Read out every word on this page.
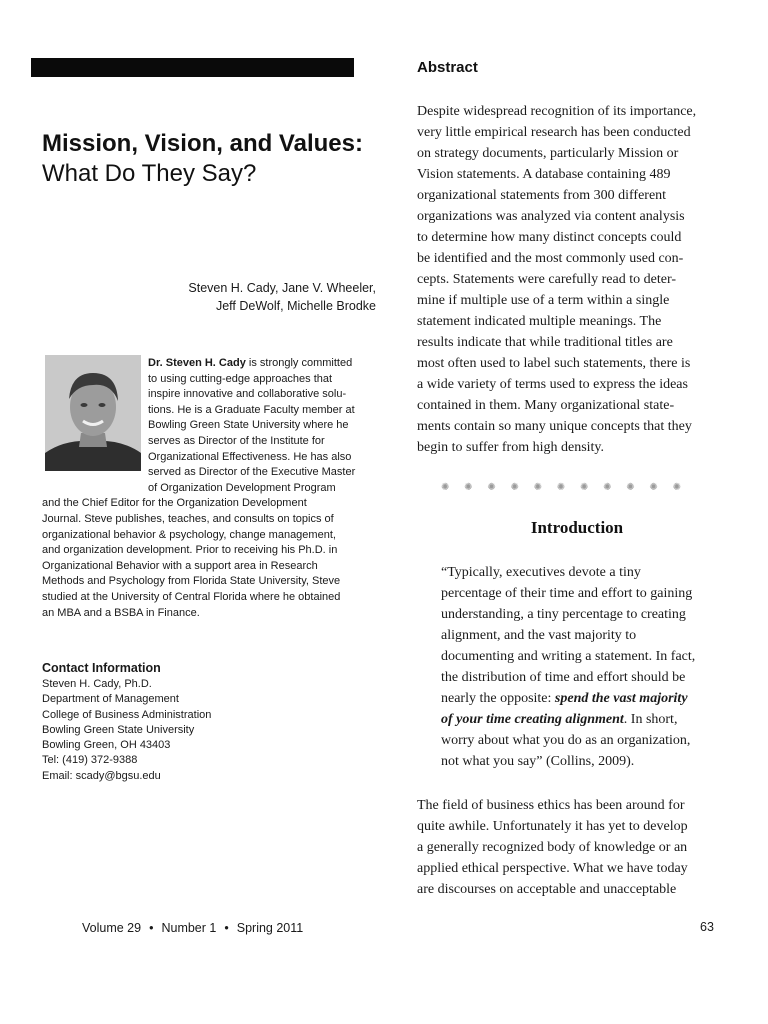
Mission, Vision, and Values:
What Do They Say?
Steven H. Cady, Jane V. Wheeler,
Jeff DeWolf, Michelle Brodke
Dr. Steven H. Cady is strongly committed
to using cutting-edge approaches that
inspire innovative and collaborative solu-
tions. He is a Graduate Faculty member at
Bowling Green State University where he
serves as Director of the Institute for
Organizational Effectiveness. He has also
served as Director of the Executive Master
of Organization Development Program
and the Chief Editor for the Organization Development
Journal. Steve publishes, teaches, and consults on topics of
organizational behavior & psychology, change management,
and organization development. Prior to receiving his Ph.D. in
Organizational Behavior with a support area in Research
Methods and Psychology from Florida State University, Steve
studied at the University of Central Florida where he obtained
an MBA and a BSBA in Finance.
Contact Information
Steven H. Cady, Ph.D.
Department of Management
College of Business Administration
Bowling Green State University
Bowling Green, OH 43403
Tel: (419) 372-9388
Email: scady@bgsu.edu
Volume 29 • Number 1 • Spring 2011	63
Abstract
Despite widespread recognition of its importance,
very little empirical research has been conducted
on strategy documents, particularly Mission or
Vision statements. A database containing 489
organizational statements from 300 different
organizations was analyzed via content analysis
to determine how many distinct concepts could
be identified and the most commonly used con-
cepts. Statements were carefully read to deter-
mine if multiple use of a term within a single
statement indicated multiple meanings. The
results indicate that while traditional titles are
most often used to label such statements, there is
a wide variety of terms used to express the ideas
contained in them. Many organizational state-
ments contain so many unique concepts that they
begin to suffer from high density.
✺ ✺ ✺ ✺ ✺ ✺ ✺ ✺ ✺ ✺ ✺
Introduction
“Typically, executives devote a tiny
percentage of their time and effort to gaining
understanding, a tiny percentage to creating
alignment, and the vast majority to
documenting and writing a statement. In fact,
the distribution of time and effort should be
nearly the opposite: spend the vast majority
of your time creating alignment. In short,
worry about what you do as an organization,
not what you say” (Collins, 2009).
The field of business ethics has been around for
quite awhile. Unfortunately it has yet to develop
a generally recognized body of knowledge or an
applied ethical perspective. What we have today
are discourses on acceptable and unacceptable
